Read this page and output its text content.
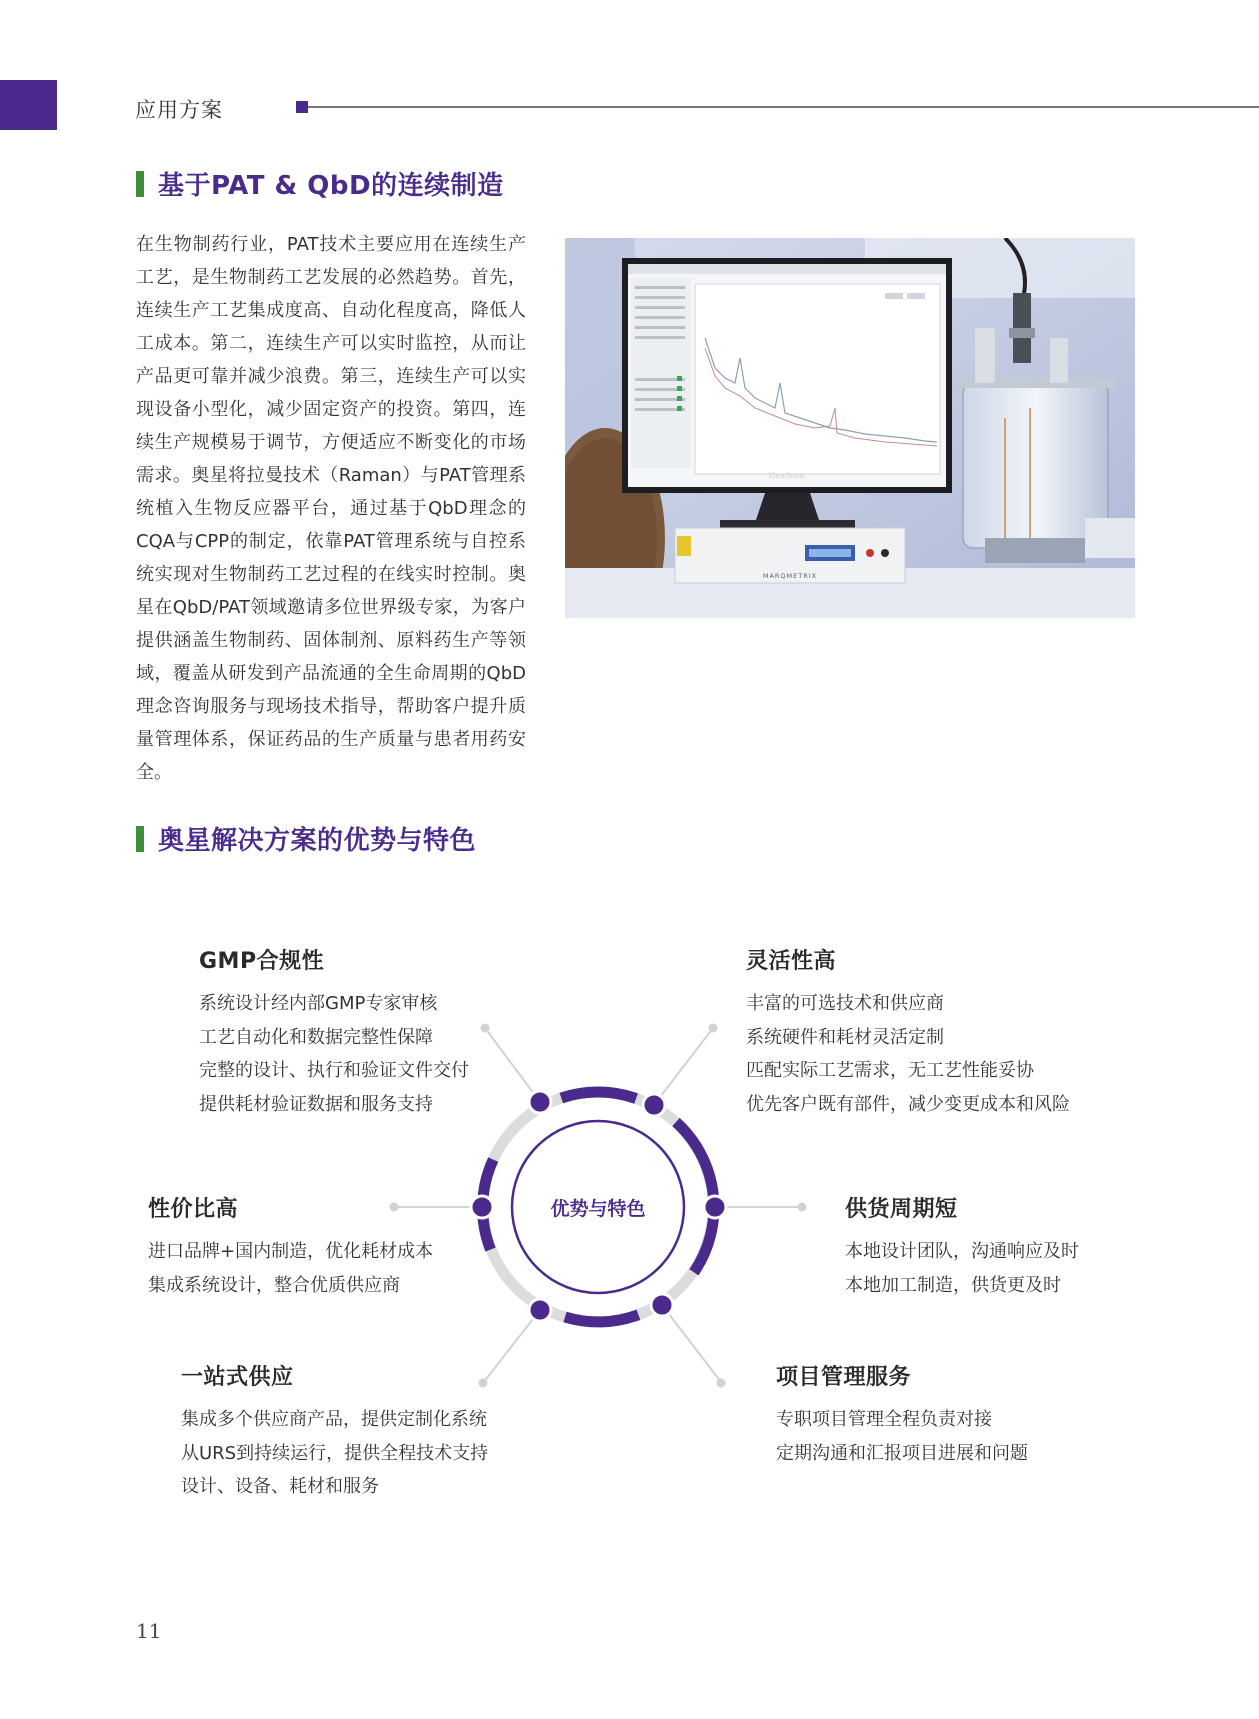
应用方案
基于PAT & QbD的连续制造
在生物制药行业，PAT技术主要应用在连续生产工艺，是生物制药工艺发展的必然趋势。首先，连续生产工艺集成度高、自动化程度高，降低人工成本。第二，连续生产可以实时监控，从而让产品更可靠并减少浪费。第三，连续生产可以实现设备小型化，减少固定资产的投资。第四，连续生产规模易于调节，方便适应不断变化的市场需求。奥星将拉曼技术（Raman）与PAT管理系统植入生物反应器平台，通过基于QbD理念的CQA与CPP的制定，依靠PAT管理系统与自控系统实现对生物制药工艺过程的在线实时控制。奥星在QbD/PAT领域邀请多位世界级专家，为客户提供涵盖生物制药、固体制剂、原料药生产等领域，覆盖从研发到产品流通的全生命周期的QbD理念咨询服务与现场技术指导，帮助客户提升质量管理体系，保证药品的生产质量与患者用药安全。
ViewSonic
MARQMETRIX
奥星解决方案的优势与特色
优势与特色
GMP合规性
系统设计经内部GMP专家审核
工艺自动化和数据完整性保障
完整的设计、执行和验证文件交付
提供耗材验证数据和服务支持
灵活性高
丰富的可选技术和供应商
系统硬件和耗材灵活定制
匹配实际工艺需求，无工艺性能妥协
优先客户既有部件，减少变更成本和风险
性价比高
进口品牌+国内制造，优化耗材成本
集成系统设计，整合优质供应商
供货周期短
本地设计团队，沟通响应及时
本地加工制造，供货更及时
一站式供应
集成多个供应商产品，提供定制化系统
从URS到持续运行，提供全程技术支持
设计、设备、耗材和服务
项目管理服务
专职项目管理全程负责对接
定期沟通和汇报项目进展和问题
11
